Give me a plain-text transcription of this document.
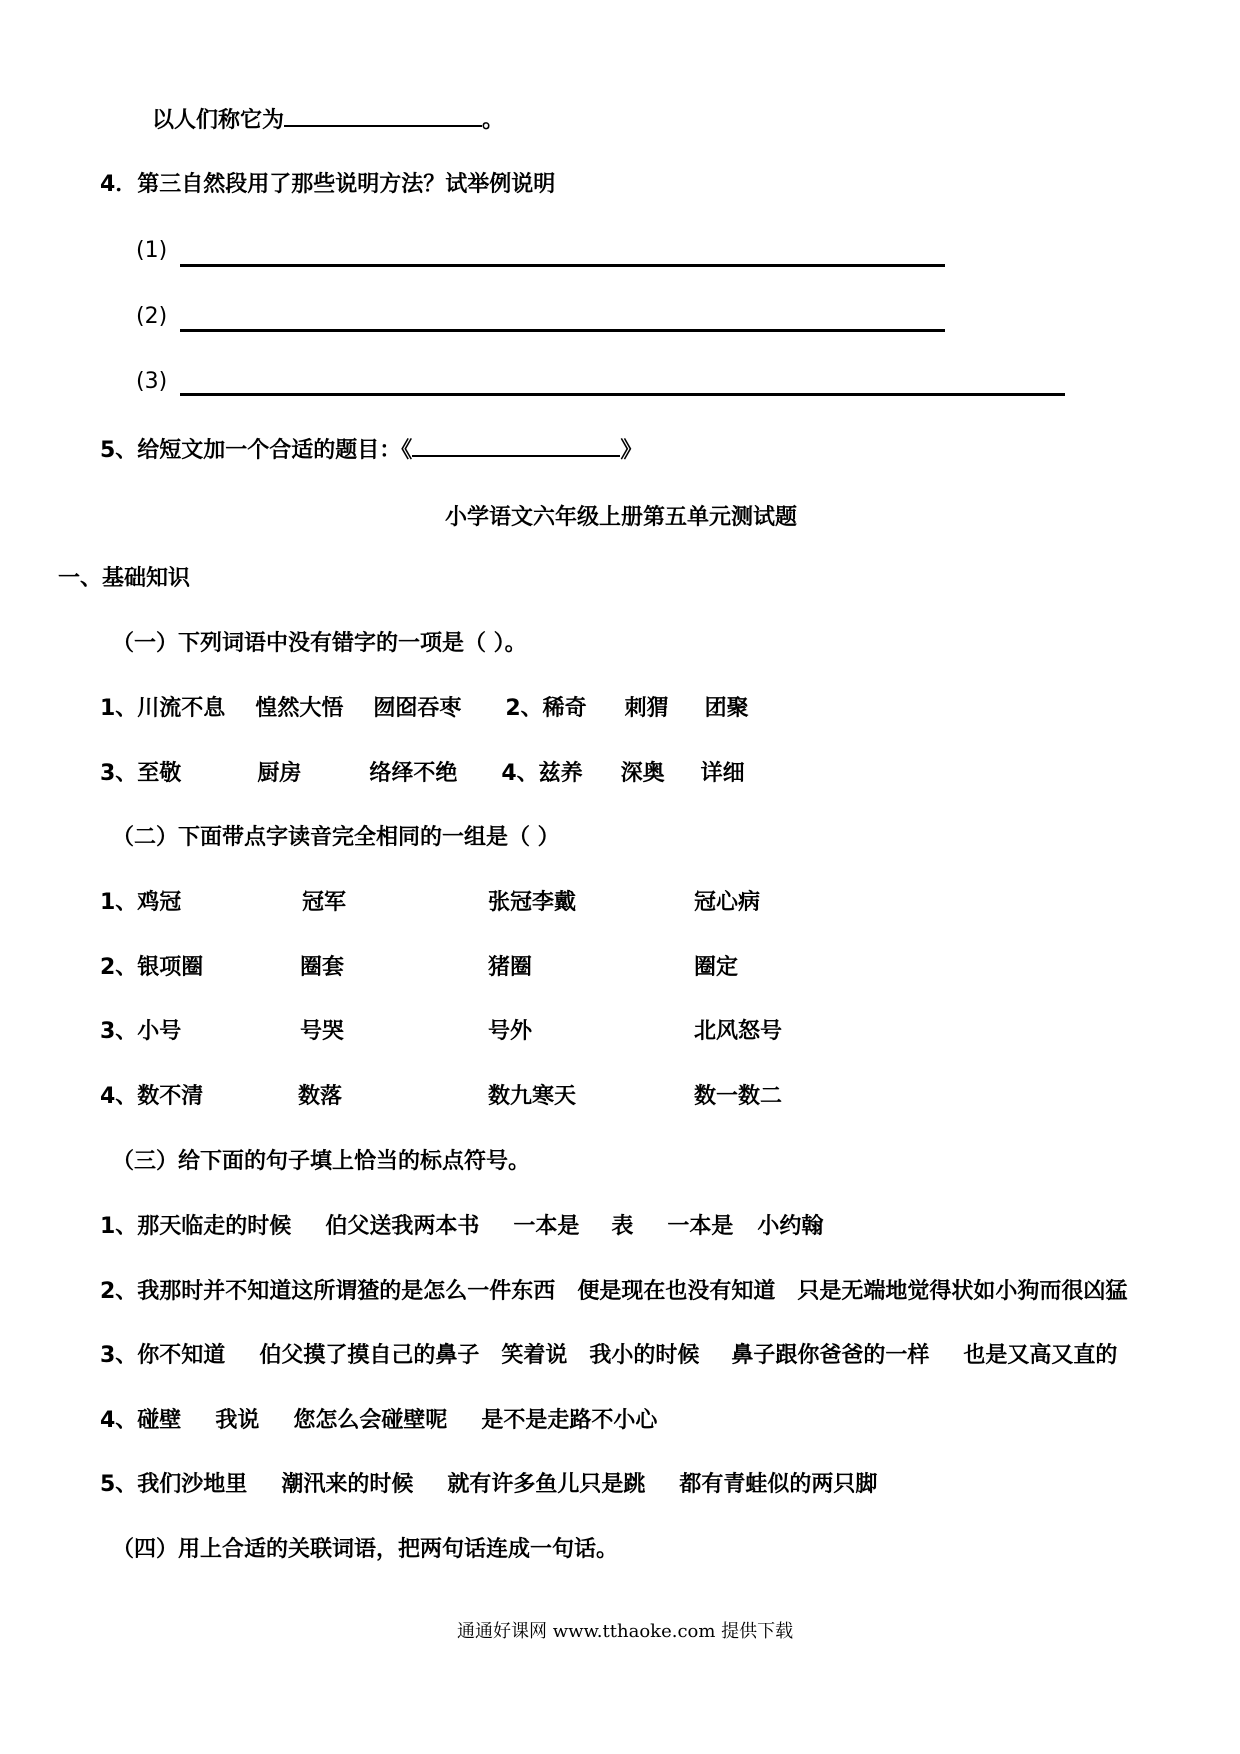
以人们称它为	。
4．第三自然段用了那些说明方法？试举例说明
(1)
(2)
(3)
5、给短文加一个合适的题目：《	》
小学语文六年级上册第五单元测试题
一、基础知识
（一）下列词语中没有错字的一项是（ ）。
1、川流不息 惶然大悟 囫囵吞枣 2、稀奇 刺猬 团聚
3、至敬	厨房	络绎不绝 4、兹养 深奥 详细
（二）下面带点字读音完全相同的一组是（ ）
1、鸡冠	冠军	张冠李戴	冠心病
2、银项圈	圈套	猪圈	圈定
3、小号	号哭	号外	北风怒号
4、数不清	数落	数九寒天	数一数二
（三）给下面的句子填上恰当的标点符号。
1、那天临走的时候 伯父送我两本书 一本是 表 一本是 小约翰
2、我那时并不知道这所谓猹的是怎么一件东西 便是现在也没有知道 只是无端地觉得状如小狗而很凶猛
3、你不知道 伯父摸了摸自己的鼻子 笑着说 我小的时候 鼻子跟你爸爸的一样 也是又高又直的
4、碰壁 我说 您怎么会碰壁呢 是不是走路不小心
5、我们沙地里 潮汛来的时候 就有许多鱼儿只是跳 都有青蛙似的两只脚
（四）用上合适的关联词语，把两句话连成一句话。
通通好课网 www.tthaoke.com 提供下载
